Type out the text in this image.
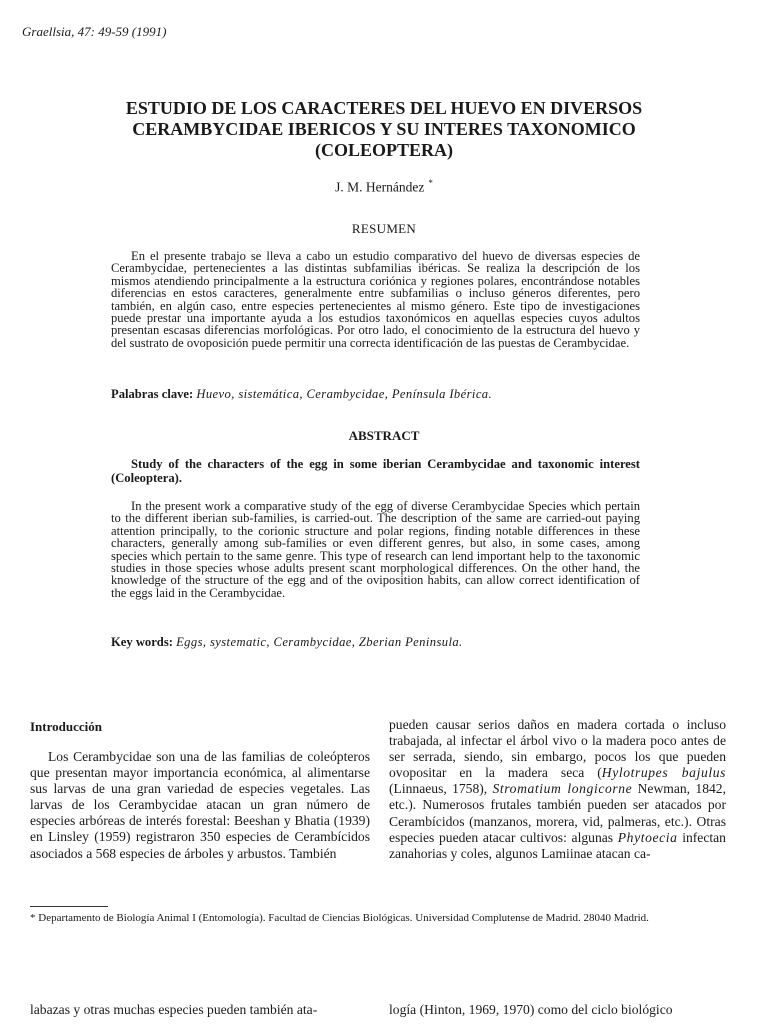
Graellsia, 47: 49-59 (1991)
ESTUDIO DE LOS CARACTERES DEL HUEVO EN DIVERSOS
CERAMBYCIDAE IBERICOS Y SU INTERES TAXONOMICO
(COLEOPTERA)
J. M. Hernández *
RESUMEN

En el presente trabajo se lleva a cabo un estudio comparativo del huevo de diversas especies de Cerambycidae, pertenecientes a las distintas subfamilias ibéricas. Se realiza la descripción de los mismos atendiendo principalmente a la estructura coriónica y regiones polares, encontrándose notables diferencias en estos caracteres, generalmente entre subfamilias o incluso géneros diferentes, pero también, en algún caso, entre especies pertenecientes al mismo género. Este tipo de investigaciones puede prestar una importante ayuda a los estudios taxonómicos en aquellas especies cuyos adultos presentan escasas diferencias morfológicas. Por otro lado, el conocimiento de la estructura del huevo y del sustrato de ovoposición puede permitir una correcta identificación de las puestas de Cerambycidae.

Palabras clave: Huevo, sistemática, Cerambycidae, Península Ibérica.
ABSTRACT
Study of the characters of the egg in some iberian Cerambycidae and taxonomic interest (Coleoptera).

In the present work a comparative study of the egg of diverse Cerambycidae Species which pertain to the different iberian sub-families, is carried-out. The description of the same are carried-out paying attention principally, to the corionic structure and polar regions, finding notable differences in these characters, generally among sub-families or even different genres, but also, in some cases, among species which pertain to the same genre. This type of research can lend important help to the taxonomic studies in those species whose adults present scant morphological differences. On the other hand, the knowledge of the structure of the egg and of the oviposition habits, can allow correct identification of the eggs laid in the Cerambycidae.

Key words: Eggs, systematic, Cerambycidae, Zberian Peninsula.
Introducción

Los Cerambycidae son una de las familias de coleópteros que presentan mayor importancia económica, al alimentarse sus larvas de una gran variedad de especies vegetales. Las larvas de los Cerambycidae atacan un gran número de especies arbóreas de interés forestal: Beeshan y Bhatia (1939) en Linsley (1959) registraron 350 especies de Cerambícidos asociados a 568 especies de árboles y arbustos. También

pueden causar serios daños en madera cortada o incluso trabajada, al infectar el árbol vivo o la madera poco antes de ser serrada, siendo, sin embargo, pocos los que pueden ovopositar en la madera seca (Hylotrupes bajulus (Linnaeus, 1758), Stromatium longicorne Newman, 1842, etc.). Numerosos frutales también pueden ser atacados por Cerambícidos (manzanos, morera, vid, palmeras, etc.). Otras especies pueden atacar cultivos: algunas Phytoecia infectan zanahorias y coles, algunos Lamiinae atacan ca-

* Departamento de Biología Animal I (Entomología). Facultad de Ciencias Biológicas. Universidad Complutense de Madrid. 28040 Madrid.

labazas y otras muchas especies pueden también ata-	logía (Hinton, 1969, 1970) como del ciclo biológico
